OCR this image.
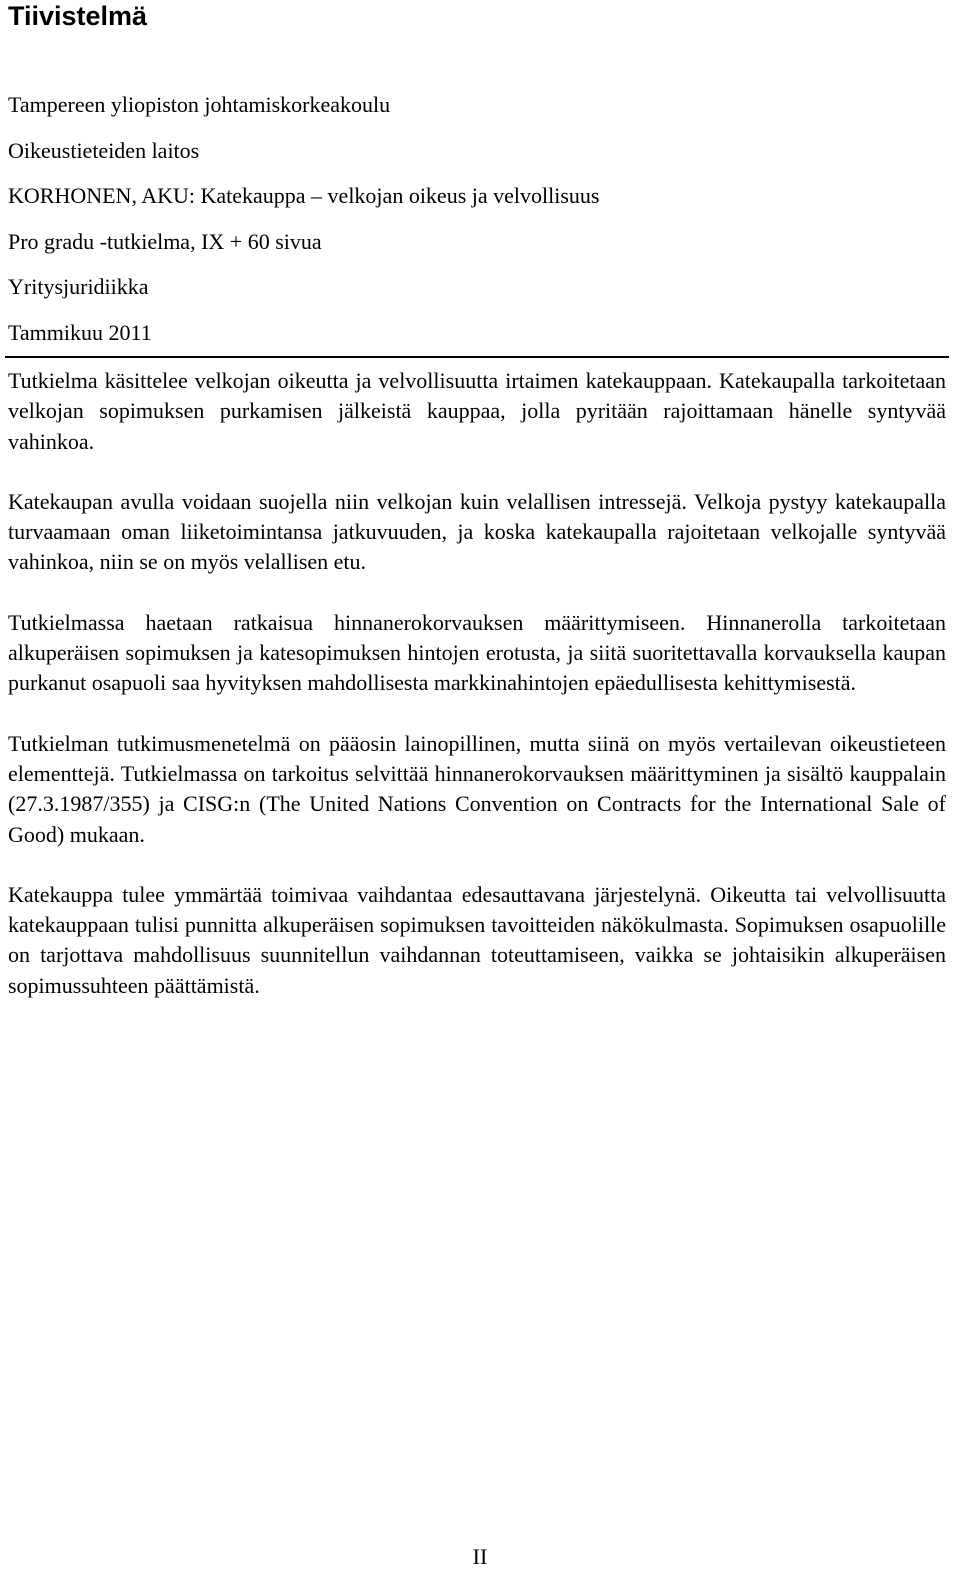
Tiivistelmä
Tampereen yliopiston johtamiskorkeakoulu
Oikeustieteiden laitos
KORHONEN, AKU: Katekauppa – velkojan oikeus ja velvollisuus
Pro gradu -tutkielma, IX + 60 sivua
Yritysjuridiikka
Tammikuu 2011

Tutkielma käsittelee velkojan oikeutta ja velvollisuutta irtaimen katekauppaan. Katekaupalla tarkoitetaan velkojan sopimuksen purkamisen jälkeistä kauppaa, jolla pyritään rajoittamaan hänelle syntyvää vahinkoa.

Katekaupan avulla voidaan suojella niin velkojan kuin velallisen intressejä. Velkoja pystyy katekaupalla turvaamaan oman liiketoimintansa jatkuvuuden, ja koska katekaupalla rajoitetaan velkojalle syntyvää vahinkoa, niin se on myös velallisen etu.

Tutkielmassa haetaan ratkaisua hinnanerokorvauksen määrittymiseen. Hinnanerolla tarkoitetaan alkuperäisen sopimuksen ja katesopimuksen hintojen erotusta, ja siitä suoritettavalla korvauksella kaupan purkanut osapuoli saa hyvityksen mahdollisesta markkinahintojen epäedullisesta kehittymisestä.

Tutkielman tutkimusmenetelmä on pääosin lainopillinen, mutta siinä on myös vertailevan oikeustieteen elementtejä. Tutkielmassa on tarkoitus selvittää hinnanerokorvauksen määrittyminen ja sisältö kauppalain (27.3.1987/355) ja CISG:n (The United Nations Convention on Contracts for the International Sale of Good) mukaan.

Katekauppa tulee ymmärtää toimivaa vaihdantaa edesauttavana järjestelynä. Oikeutta tai velvollisuutta katekauppaan tulisi punnitta alkuperäisen sopimuksen tavoitteiden näkökulmasta. Sopimuksen osapuolille on tarjottava mahdollisuus suunnitellun vaihdannan toteuttamiseen, vaikka se johtaisikin alkuperäisen sopimussuhteen päättämistä.

II
